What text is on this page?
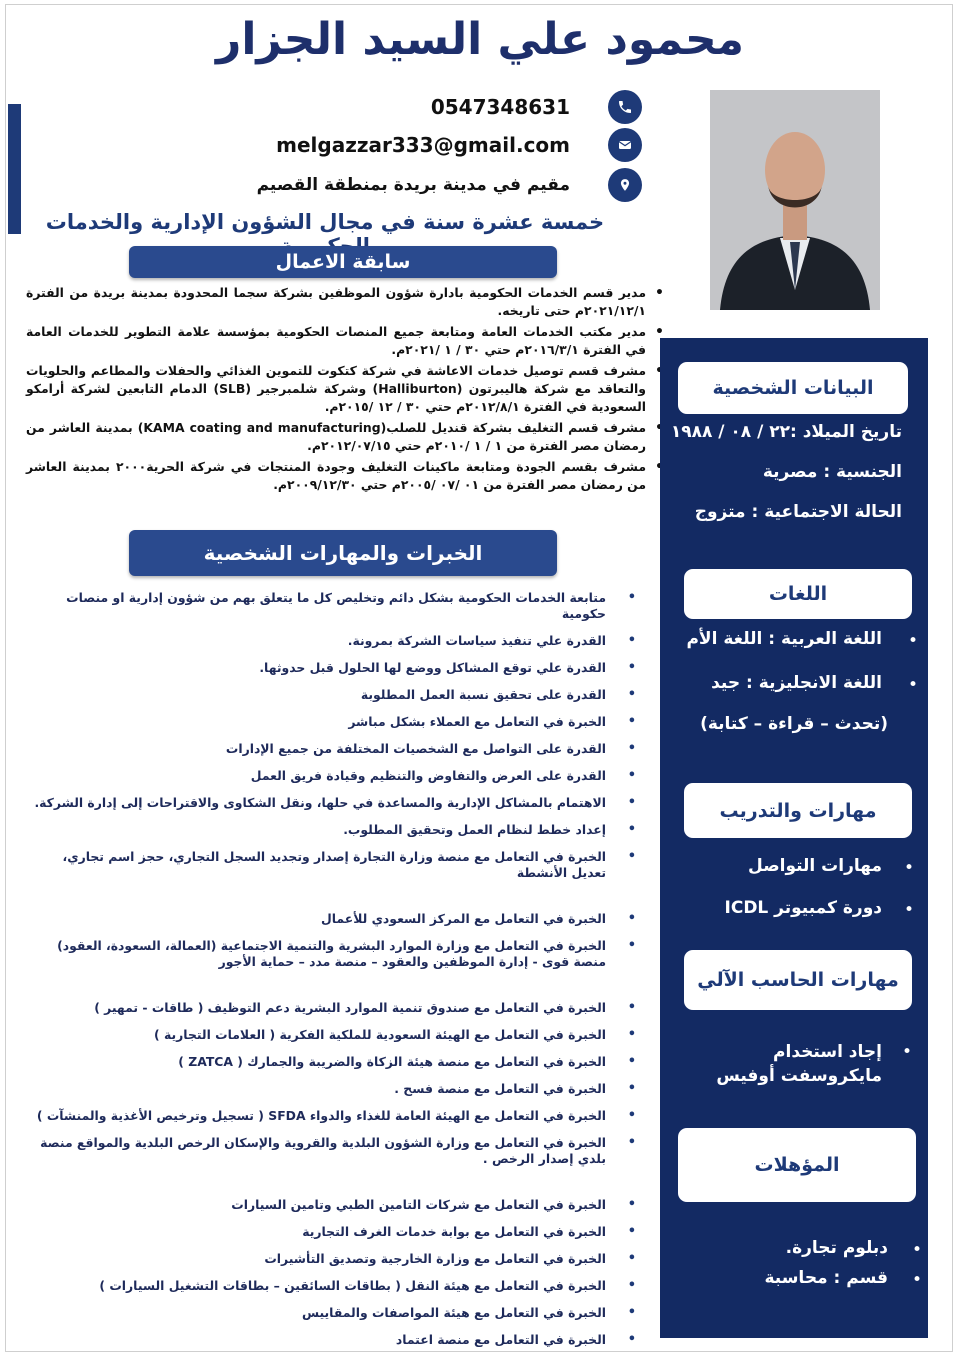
محمود علي السيد الجزار
0547348631
melgazzar333@gmail.com
مقيم في مدينة بريدة بمنطقة القصيم
خمسة عشرة سنة في مجال الشؤون الإدارية والخدمات
سابقة الاعمال
• مدير قسم الخدمات الحكومية بادارة شؤون الموظفين بشركة سجما المحدودة بمدينة بريدة من الفترة ٢٠٢١/١٢/١م حتى تاريخه.
• مدير مكتب الخدمات العامة ومتابعة جميع المنصات الحكومية بمؤسسة علامة التطوير للخدمات العامة في الفترة ٢٠١٦/٣/١م حتي ٣٠ / ١ /٢٠٢١م.
• مشرف قسم توصيل خدمات الاعاشة في شركة كتكوت للتموين الغذائي والحفلات والمطاعم والحلويات والتعاقد مع شركة هاليبرتون (Halliburton) وشركة شلمبرجير (SLB) الدمام التابعين لشركة أرامكو السعودية في الفترة ٢٠١٢/٨/١م حتي ٣٠ / ١٢ /٢٠١٥م.
• مشرف قسم التغليف بشركة قنديل للصلب(KAMA coating and manufacturing) بمدينة العاشر من رمضان مصر الفترة من ١ / ١ /٢٠١٠م حتي ٢٠١٢/٠٧/١٥م.
• مشرف بقسم الجودة ومتابعة ماكينات التغليف وجودة المنتجات في شركة الحرية٢٠٠٠ بمدينة العاشر من رمضان مصر الفترة من ٠١ /٠٧ /٢٠٠٥م حتي ٢٠٠٩/١٢/٣٠م.
الخبرات والمهارات الشخصية
• متابعة الخدمات الحكومية بشكل دائم وتخليص كل ما يتعلق بهم من شؤون إدارية او منصات حكومية
• القدرة علي تنفيذ سياسات الشركة بمرونة.
• القدرة علي توقع المشاكل ووضع لها الحلول قبل حدوثها.
• القدرة على تحقيق نسبة العمل المطلوبة
• الخبرة في التعامل مع العملاء بشكل مباشر
• القدرة على التواصل مع الشخصيات المختلفة من جميع الإدارات
• القدرة على العرض والتفاوض والتنظيم وقيادة فريق العمل
• الاهتمام بالمشاكل الإدارية والمساعدة في حلها، ونقل الشكاوى والاقتراحات إلى إدارة الشركة.
• إعداد خطط لنظام العمل وتحقيق المطلوب.
• الخبرة في التعامل مع منصة وزارة التجارة إصدار وتجديد السجل التجاري، حجز اسم تجاري، تعديل الأنشطة
• الخبرة في التعامل مع المركز السعودي للأعمال
• الخبرة في التعامل مع وزارة الموارد البشرية والتنمية الاجتماعية (العمالة، السعودة، العقود) منصة قوى - إدارة الموظفين والعقود – منصة مدد – حماية الأجور
• الخبرة في التعامل مع صندوق تنمية الموارد البشرية دعم التوظيف ( طاقات - تمهير )
• الخبرة في التعامل مع الهيئة السعودية للملكية الفكرية ( العلامات التجارية )
• الخبرة في التعامل مع منصة هيئة الزكاة والضريبة والجمارك ( ZATCA )
• الخبرة في التعامل مع منصة فسح .
• الخبرة في التعامل مع الهيئة العامة للغذاء والدواء SFDA ( تسجيل وترخيص الأغذية والمنشآت )
• الخبرة في التعامل مع وزارة الشؤون البلدية والقروية والإسكان الرخص البلدية والمواقع منصة بلدي إصدار الرخص .
• الخبرة في التعامل مع شركات التامين الطبي وتامين السيارات
• الخبرة في التعامل مع بوابة خدمات الغرف التجارية
• الخبرة في التعامل مع وزارة الخارجية وتصديق التأشيرات
• الخبرة في التعامل مع هيئة النقل ( بطاقات السائقين – بطاقات التشغيل السيارات )
• الخبرة في التعامل مع هيئة المواصفات والمقاييس
• الخبرة في التعامل مع منصة اعتماد
البيانات الشخصية
تاريخ الميلاد :٢٢ / ٠٨ / ١٩٨٨
الجنسية : مصرية
الحالة الاجتماعية : متزوج
اللغات
•
اللغة العربية : اللغة الأم
•
اللغة الانجليزية : جيد
(تحدث – قراءة – كتابة)
مهارات والتدريب
•
مهارات التواصل
•
دورة كمبيوتر ICDL
مهارات الحاسب الآلي
•
إجاد استخدام مايكروسفت أوفيس
المؤهلات
•
دبلوم تجارة.
•
قسم : محاسبة
